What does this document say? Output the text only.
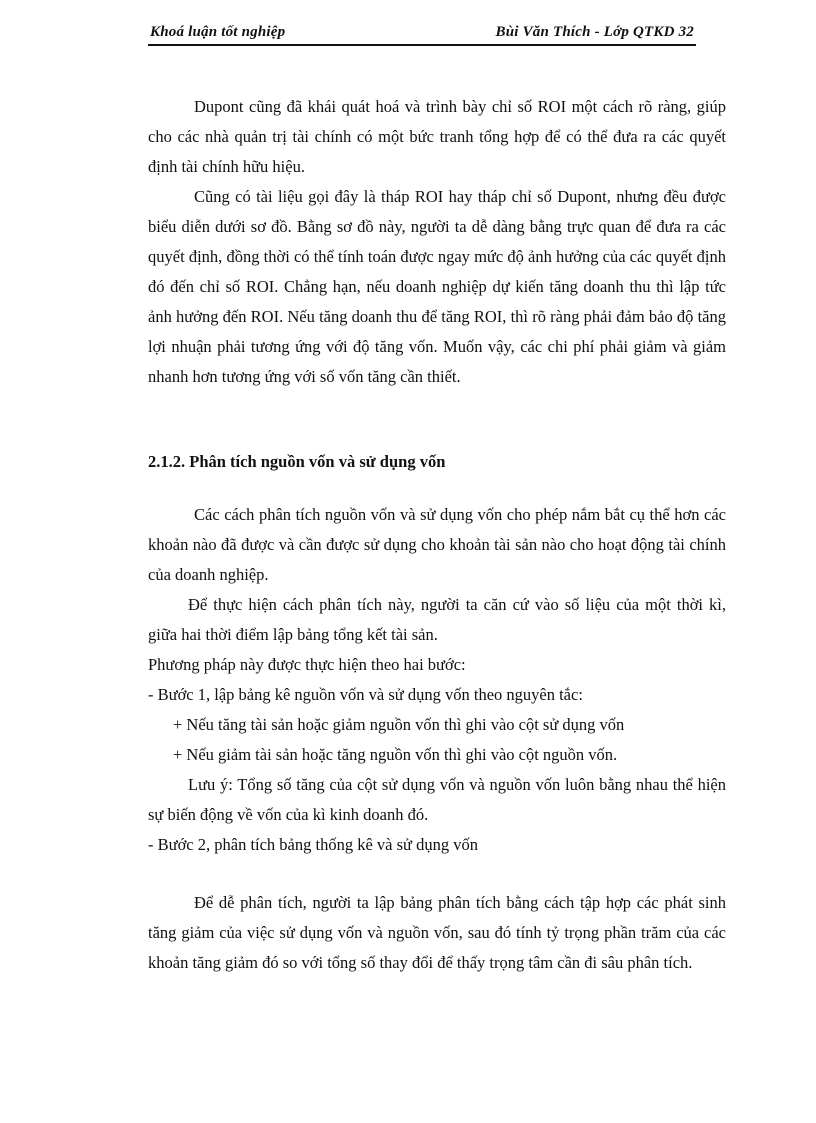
Khoá luận tốt nghiệp	Bùi Văn Thích - Lớp QTKD 32

Dupont cũng đã khái quát hoá và trình bày chỉ số ROI một cách rõ ràng, giúp cho các nhà quản trị tài chính có một bức tranh tổng hợp để có thể đưa ra các quyết định tài chính hữu hiệu.

Cũng có tài liệu gọi đây là tháp ROI hay tháp chỉ số Dupont, nhưng đều được biểu diễn dưới sơ đồ. Bằng sơ đồ này, người ta dễ dàng bằng trực quan để đưa ra các quyết định, đồng thời có thể tính toán được ngay mức độ ảnh hưởng của các quyết định đó đến chỉ số ROI. Chẳng hạn, nếu doanh nghiệp dự kiến tăng doanh thu thì lập tức ảnh hưởng đến ROI. Nếu tăng doanh thu để tăng ROI, thì rõ ràng phải đảm bảo độ tăng lợi nhuận phải tương ứng với độ tăng vốn. Muốn vậy, các chi phí phải giảm và giảm nhanh hơn tương ứng với số vốn tăng cần thiết.

2.1.2. Phân tích nguồn vốn và sử dụng vốn

Các cách phân tích nguồn vốn và sử dụng vốn cho phép nắm bắt cụ thể hơn các khoản nào đã được và cần được sử dụng cho khoản tài sản nào cho hoạt động tài chính của doanh nghiệp.

Để thực hiện cách phân tích này, người ta căn cứ vào số liệu của một thời kì, giữa hai thời điểm lập bảng tổng kết tài sản.

Phương pháp này được thực hiện theo hai bước:

- Bước 1, lập bảng kê nguồn vốn và sử dụng vốn theo nguyên tắc:

+ Nếu tăng tài sản hoặc giảm nguồn vốn thì ghi vào cột sử dụng vốn

+ Nếu giảm tài sản hoặc tăng nguồn vốn thì ghi vào cột nguồn vốn.

Lưu ý: Tổng số tăng của cột sử dụng vốn và nguồn vốn luôn bằng nhau thể hiện sự biến động về vốn của kì kinh doanh đó.

- Bước 2, phân tích bảng thống kê và sử dụng vốn

Để dễ phân tích, người ta lập bảng phân tích bằng cách tập hợp các phát sinh tăng giảm của việc sử dụng vốn và nguồn vốn, sau đó tính tỷ trọng phần trăm của các khoản tăng giảm đó so với tổng số thay đổi để thấy trọng tâm cần đi sâu phân tích.
